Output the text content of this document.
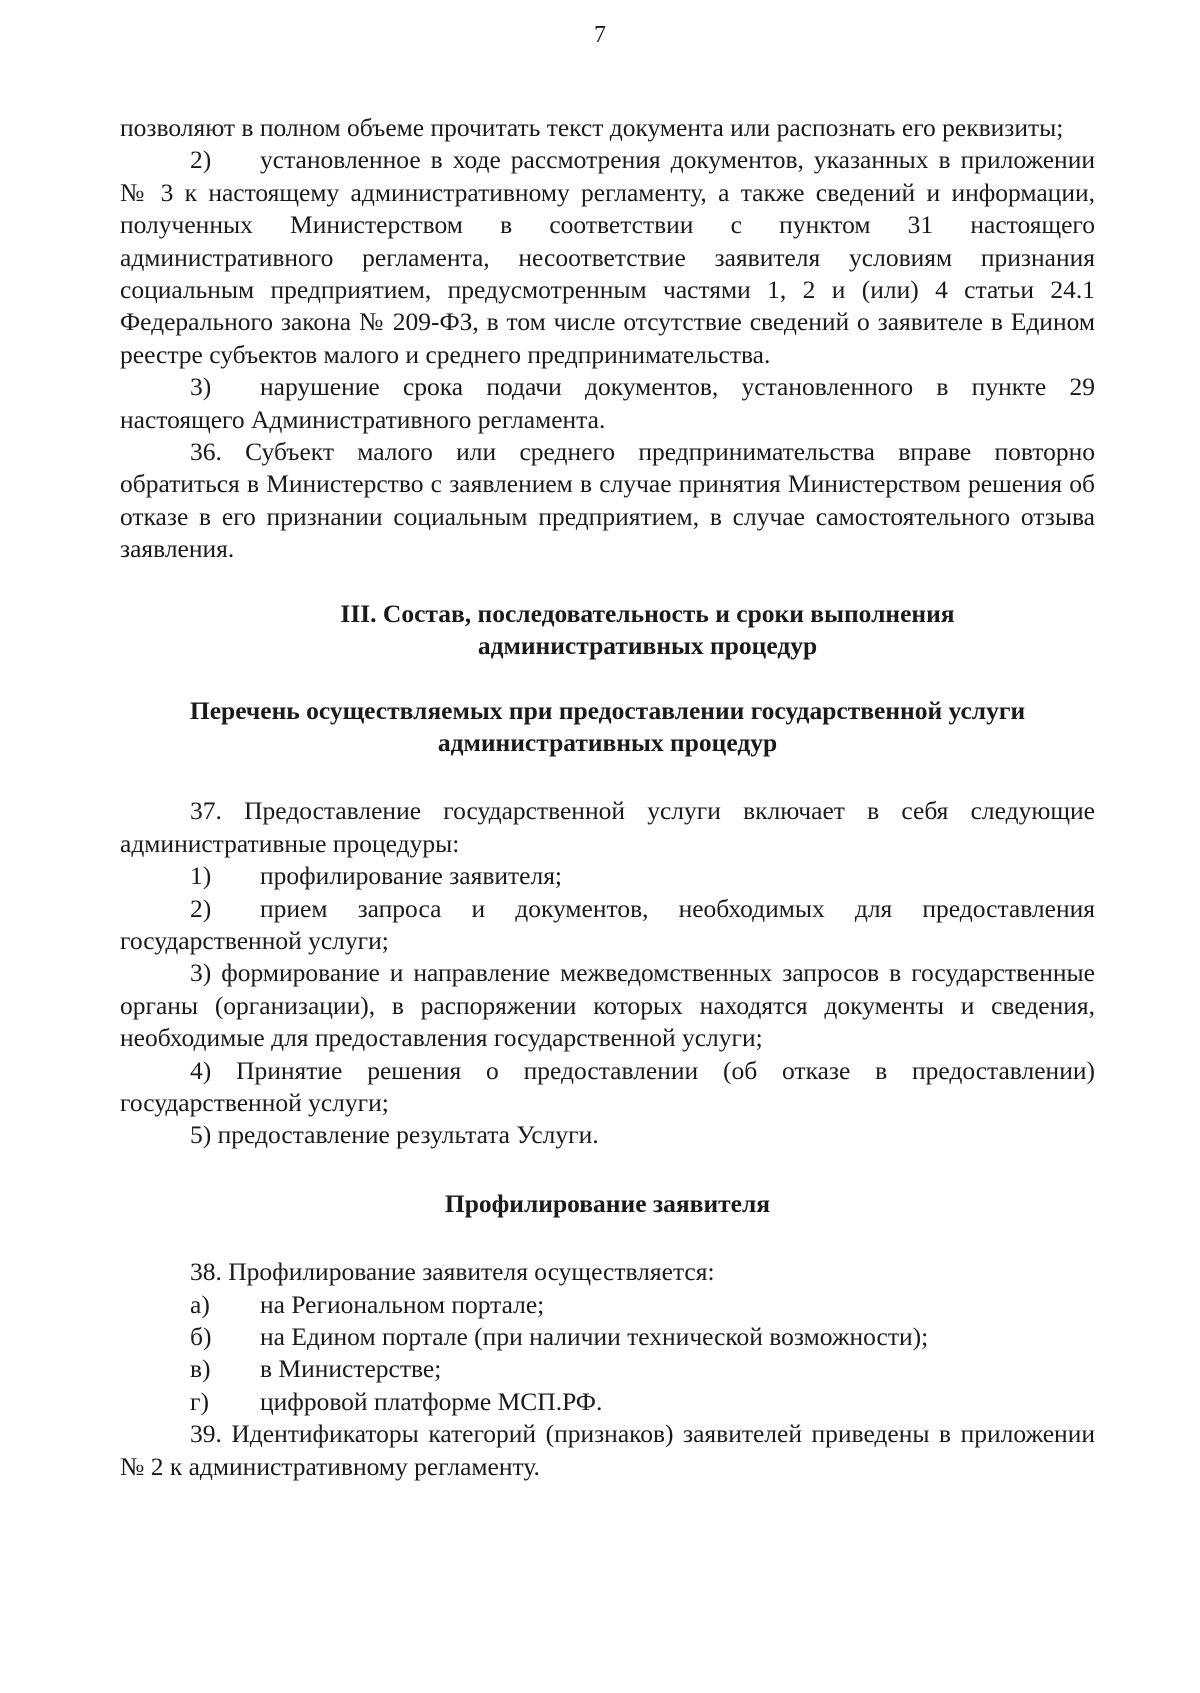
7

позволяют в полном объеме прочитать текст документа или распознать его реквизиты;

2) установленное в ходе рассмотрения документов, указанных в приложении № 3 к настоящему административному регламенту, а также сведений и информации, полученных Министерством в соответствии с пунктом 31 настоящего административного регламента, несоответствие заявителя условиям признания социальным предприятием, предусмотренным частями 1, 2 и (или) 4 статьи 24.1 Федерального закона № 209-ФЗ, в том числе отсутствие сведений о заявителе в Едином реестре субъектов малого и среднего предпринимательства.

3) нарушение срока подачи документов, установленного в пункте 29 настоящего Административного регламента.

36. Субъект малого или среднего предпринимательства вправе повторно обратиться в Министерство с заявлением в случае принятия Министерством решения об отказе в его признании социальным предприятием, в случае самостоятельного отзыва заявления.

III. Состав, последовательность и сроки выполнения
административных процедур
Перечень осуществляемых при предоставлении государственной услуги
административных процедур

37. Предоставление государственной услуги включает в себя следующие административные процедуры:

1) профилирование заявителя;

2) прием запроса и документов, необходимых для предоставления государственной услуги;

3) формирование и направление межведомственных запросов в государственные органы (организации), в распоряжении которых находятся документы и сведения, необходимые для предоставления государственной услуги;

4) Принятие решения о предоставлении (об отказе в предоставлении) государственной услуги;

5) предоставление результата Услуги.

Профилирование заявителя

38. Профилирование заявителя осуществляется:

а) на Региональном портале;

б) на Едином портале (при наличии технической возможности);

в) в Министерстве;

г) цифровой платформе МСП.РФ.

39. Идентификаторы категорий (признаков) заявителей приведены в приложении № 2 к административному регламенту.
